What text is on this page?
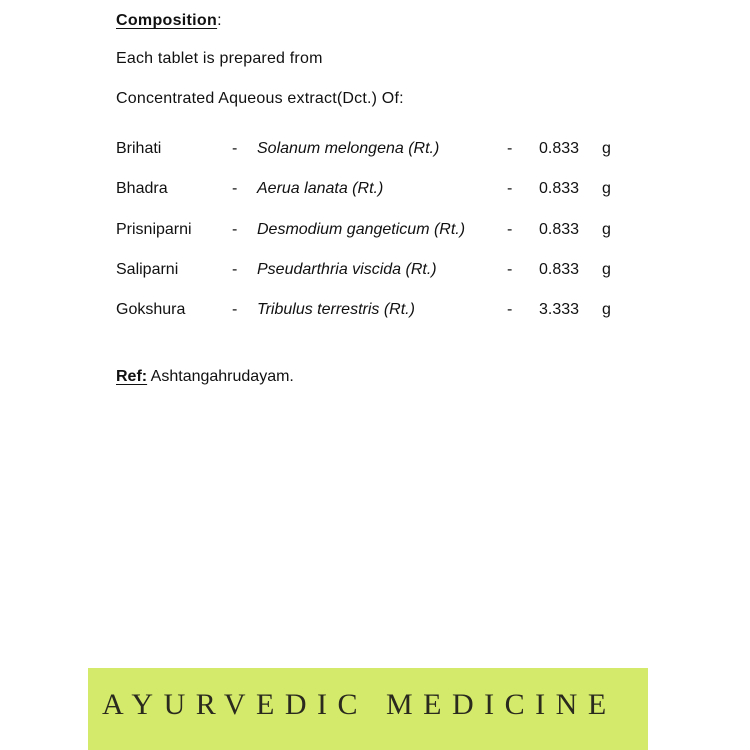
Composition:
Each tablet is prepared from
Concentrated Aqueous extract(Dct.) Of:
Brihati	- Solanum melongena (Rt.)	- 0.833 g
Bhadra	- Aerua lanata (Rt.)	- 0.833 g
Prisniparni	- Desmodium gangeticum (Rt.)	- 0.833 g
Saliparni	- Pseudarthria viscida (Rt.)	- 0.833 g
Gokshura	- Tribulus terrestris (Rt.)	- 3.333 g
Ref: Ashtangahrudayam.
AYURVEDIC MEDICINE
